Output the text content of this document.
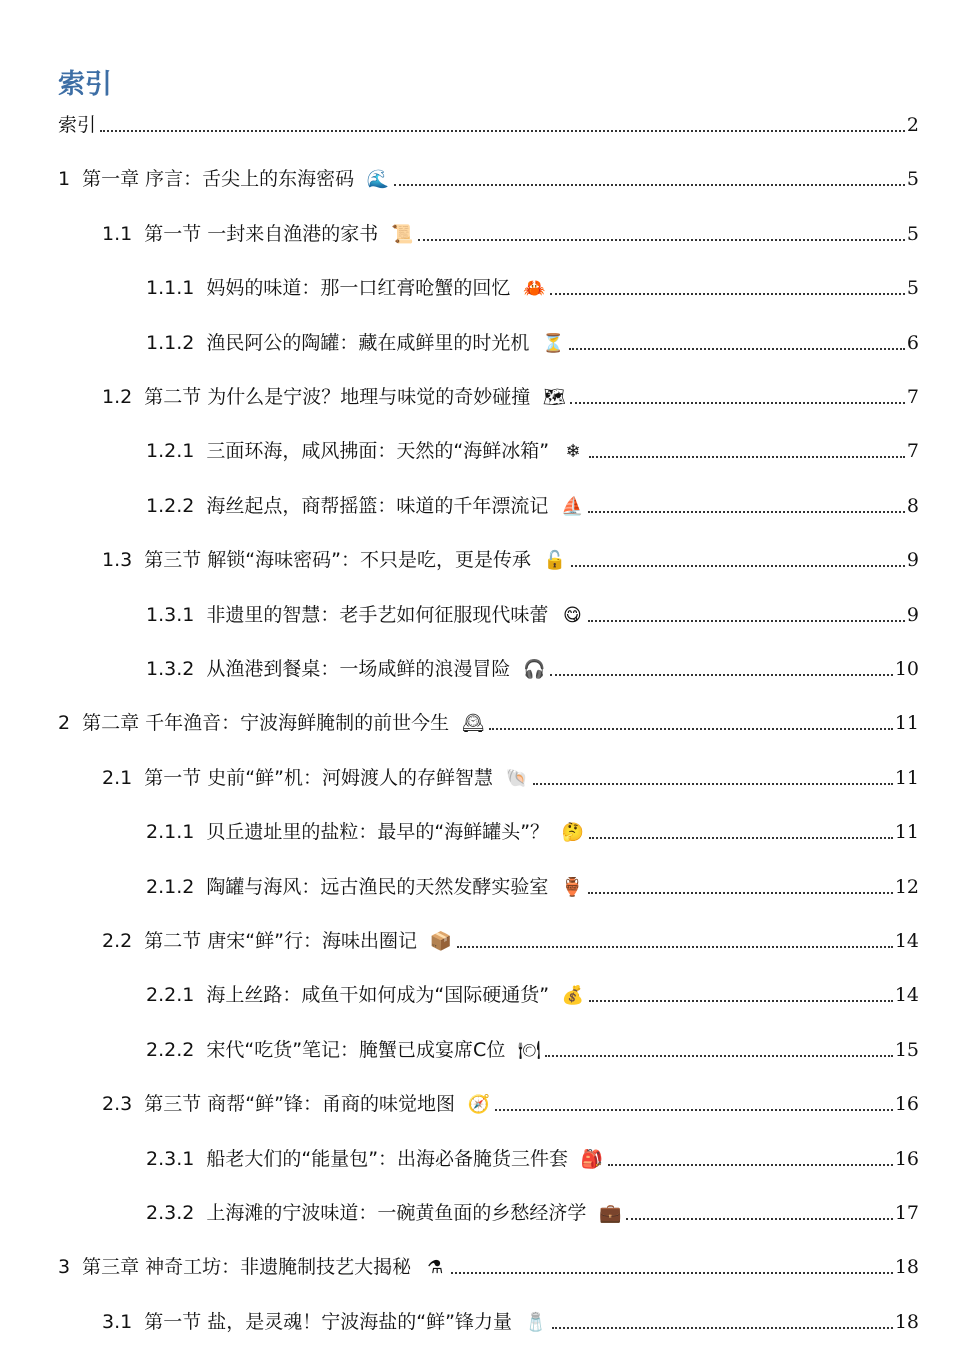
索引
索引	2
1 第一章 序言：舌尖上的东海密码 🌊	5
1.1 第一节 一封来自渔港的家书 📜	5
1.1.1 妈妈的味道：那一口红膏呛蟹的回忆 🦀	5
1.1.2 渔民阿公的陶罐：藏在咸鲜里的时光机 ⏳	6
1.2 第二节 为什么是宁波？地理与味觉的奇妙碰撞 🗺	7
1.2.1 三面环海，咸风拂面：天然的“海鲜冰箱” ❄	7
1.2.2 海丝起点，商帮摇篮：味道的千年漂流记 ⛵	8
1.3 第三节 解锁“海味密码”：不只是吃，更是传承 🔓	9
1.3.1 非遗里的智慧：老手艺如何征服现代味蕾 😋	9
1.3.2 从渔港到餐桌：一场咸鲜的浪漫冒险 🎧	10
2 第二章 千年渔音：宁波海鲜腌制的前世今生 🕰	11
2.1 第一节 史前“鲜”机：河姆渡人的存鲜智慧 🐚	11
2.1.1 贝丘遗址里的盐粒：最早的“海鲜罐头”？ 🤔	11
2.1.2 陶罐与海风：远古渔民的天然发酵实验室 🏺	12
2.2 第二节 唐宋“鲜”行：海味出圈记 📦	14
2.2.1 海上丝路：咸鱼干如何成为“国际硬通货” 💰	14
2.2.2 宋代“吃货”笔记：腌蟹已成宴席C位 🍽	15
2.3 第三节 商帮“鲜”锋：甬商的味觉地图 🧭	16
2.3.1 船老大们的“能量包”：出海必备腌货三件套 🎒	16
2.3.2 上海滩的宁波味道：一碗黄鱼面的乡愁经济学 💼	17
3 第三章 神奇工坊：非遗腌制技艺大揭秘 ⚗	18
3.1 第一节 盐，是灵魂！宁波海盐的“鲜”锋力量 🧂	18
